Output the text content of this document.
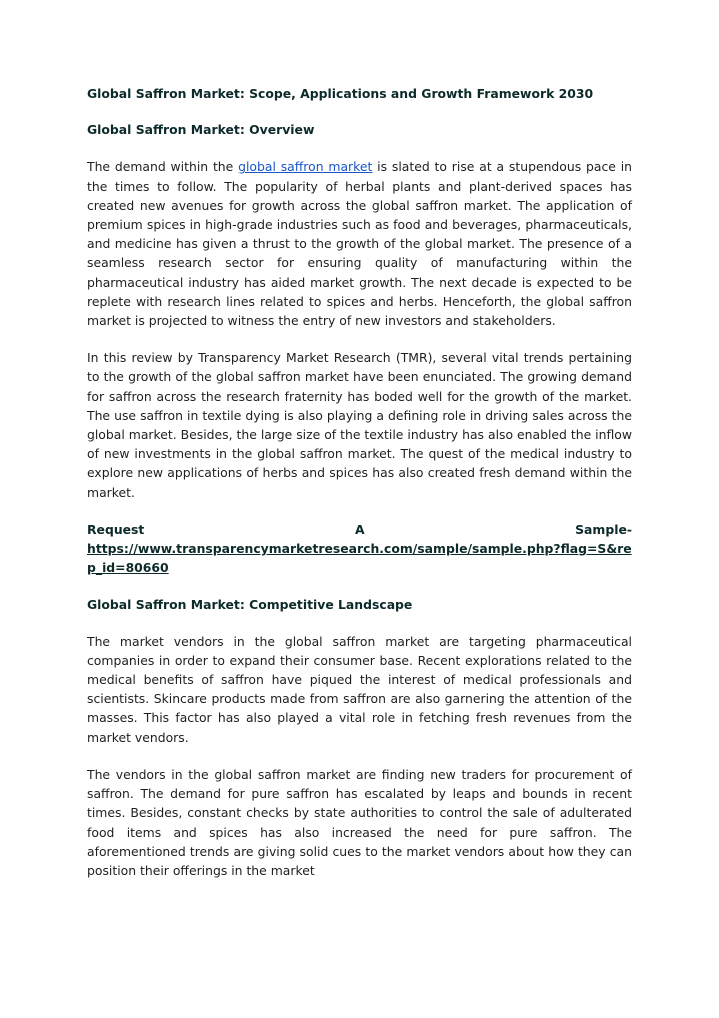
Global Saffron Market: Scope, Applications and Growth Framework 2030

Global Saffron Market: Overview

The demand within the global saffron market is slated to rise at a stupendous pace in the times to follow. The popularity of herbal plants and plant-derived spaces has created new avenues for growth across the global saffron market. The application of premium spices in high-grade industries such as food and beverages, pharmaceuticals, and medicine has given a thrust to the growth of the global market. The presence of a seamless research sector for ensuring quality of manufacturing within the pharmaceutical industry has aided market growth. The next decade is expected to be replete with research lines related to spices and herbs. Henceforth, the global saffron market is projected to witness the entry of new investors and stakeholders.

In this review by Transparency Market Research (TMR), several vital trends pertaining to the growth of the global saffron market have been enunciated. The growing demand for saffron across the research fraternity has boded well for the growth of the market. The use saffron in textile dying is also playing a defining role in driving sales across the global market. Besides, the large size of the textile industry has also enabled the inflow of new investments in the global saffron market. The quest of the medical industry to explore new applications of herbs and spices has also created fresh demand within the market.

Request	A	Sample-
https://www.transparencymarketresearch.com/sample/sample.php?flag=S&rep_id=80660

Global Saffron Market: Competitive Landscape

The market vendors in the global saffron market are targeting pharmaceutical companies in order to expand their consumer base. Recent explorations related to the medical benefits of saffron have piqued the interest of medical professionals and scientists. Skincare products made from saffron are also garnering the attention of the masses. This factor has also played a vital role in fetching fresh revenues from the market vendors.

The vendors in the global saffron market are finding new traders for procurement of saffron. The demand for pure saffron has escalated by leaps and bounds in recent times. Besides, constant checks by state authorities to control the sale of adulterated food items and spices has also increased the need for pure saffron. The aforementioned trends are giving solid cues to the market vendors about how they can position their offerings in the market
